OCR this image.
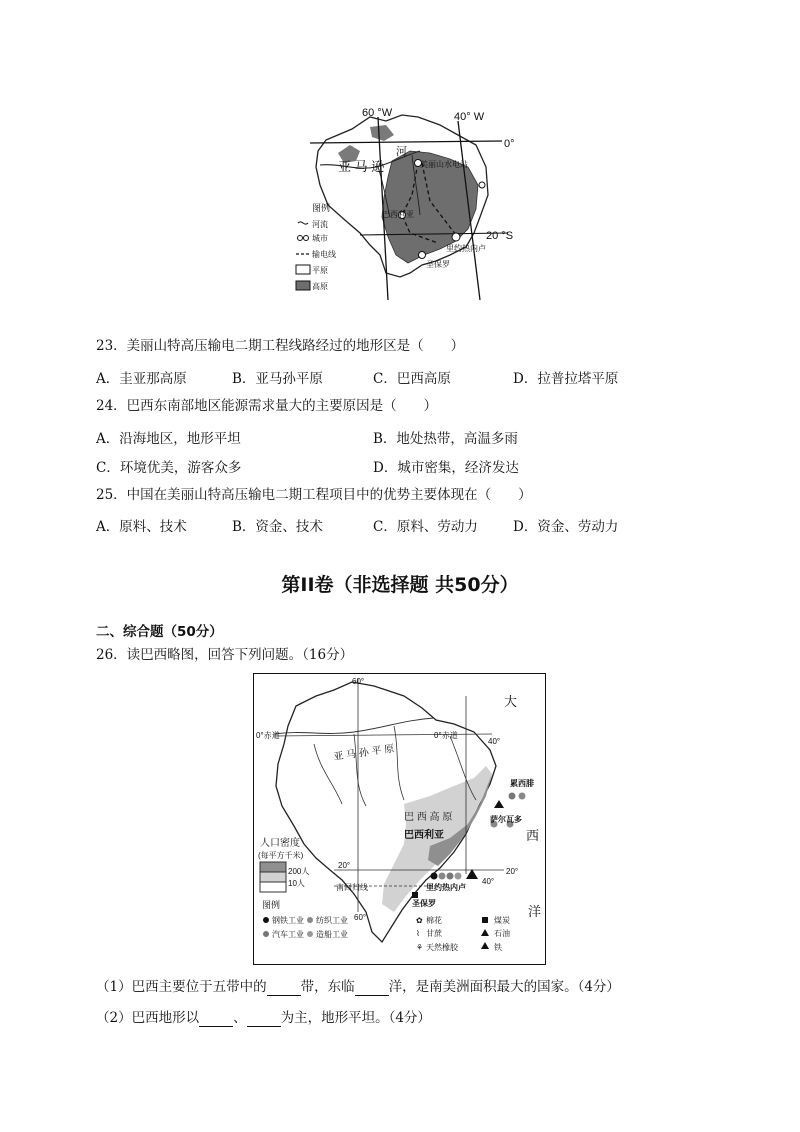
60 °W	40° W
0°
20 °S
亚 马 逊
河
美丽山水电站
巴西利亚
里约热内卢
圣保罗
图例
河流
城市
输电线
平原
高原
23．美丽山特高压输电二期工程线路经过的地形区是（　　）
A．圭亚那高原	B．亚马孙平原	C．巴西高原	D．拉普拉塔平原
24．巴西东南部地区能源需求量大的主要原因是（　　）
A．沿海地区，地形平坦	B．地处热带，高温多雨
C．环境优美，游客众多	D．城市密集，经济发达
25．中国在美丽山特高压输电二期工程项目中的优势主要体现在（　　）
A．原料、技术	B．资金、技术	C．原料、劳动力	D．资金、劳动力
第II卷（非选择题 共50分）
二、综合题（50分）
26．读巴西略图，回答下列问题。（16分）
60°
40°
0°赤道	0°赤道
亚 马 孙 平 原
巴 西 高 原
巴西利亚
累西腓
萨尔瓦多
里约热内卢
圣保罗
大
西
洋
20°
20°
南回归线
60°
40°
人口密度
(每平方千米)
200人
10人
图例
钢铁工业 纺织工业
汽车工业 造船工业
✿ 棉花
⌇ 甘蔗
⚘ 天然橡胶
煤炭
石油
铁
（1）巴西主要位于五带中的	带，东临	洋，是南美洲面积最大的国家。（4分）
（2）巴西地形以	、	为主，地形平坦。（4分）
